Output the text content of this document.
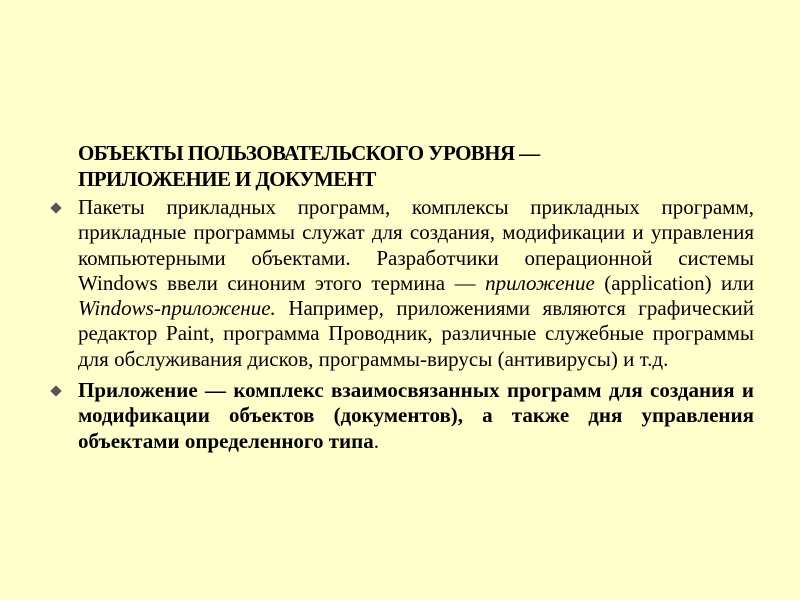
ОБЪЕКТЫ ПОЛЬЗОВАТЕЛЬСКОГО УРОВНЯ —
ПРИЛОЖЕНИЕ И ДОКУМЕНТ
Пакеты прикладных программ, комплексы прикладных программ, прикладные программы служат для создания, модификации и управления компьютерными объектами. Разработчики операционной системы Windows ввели синоним этого термина — приложение (application) или Windows-приложение. Например, приложениями являются графический редактор Paint, программа Проводник, различные служебные программы для обслуживания дисков, программы-вирусы (антивирусы) и т.д.
Приложение — комплекс взаимосвязанных программ для создания и модификации объектов (документов), а также дня управления объектами определенного типа.
